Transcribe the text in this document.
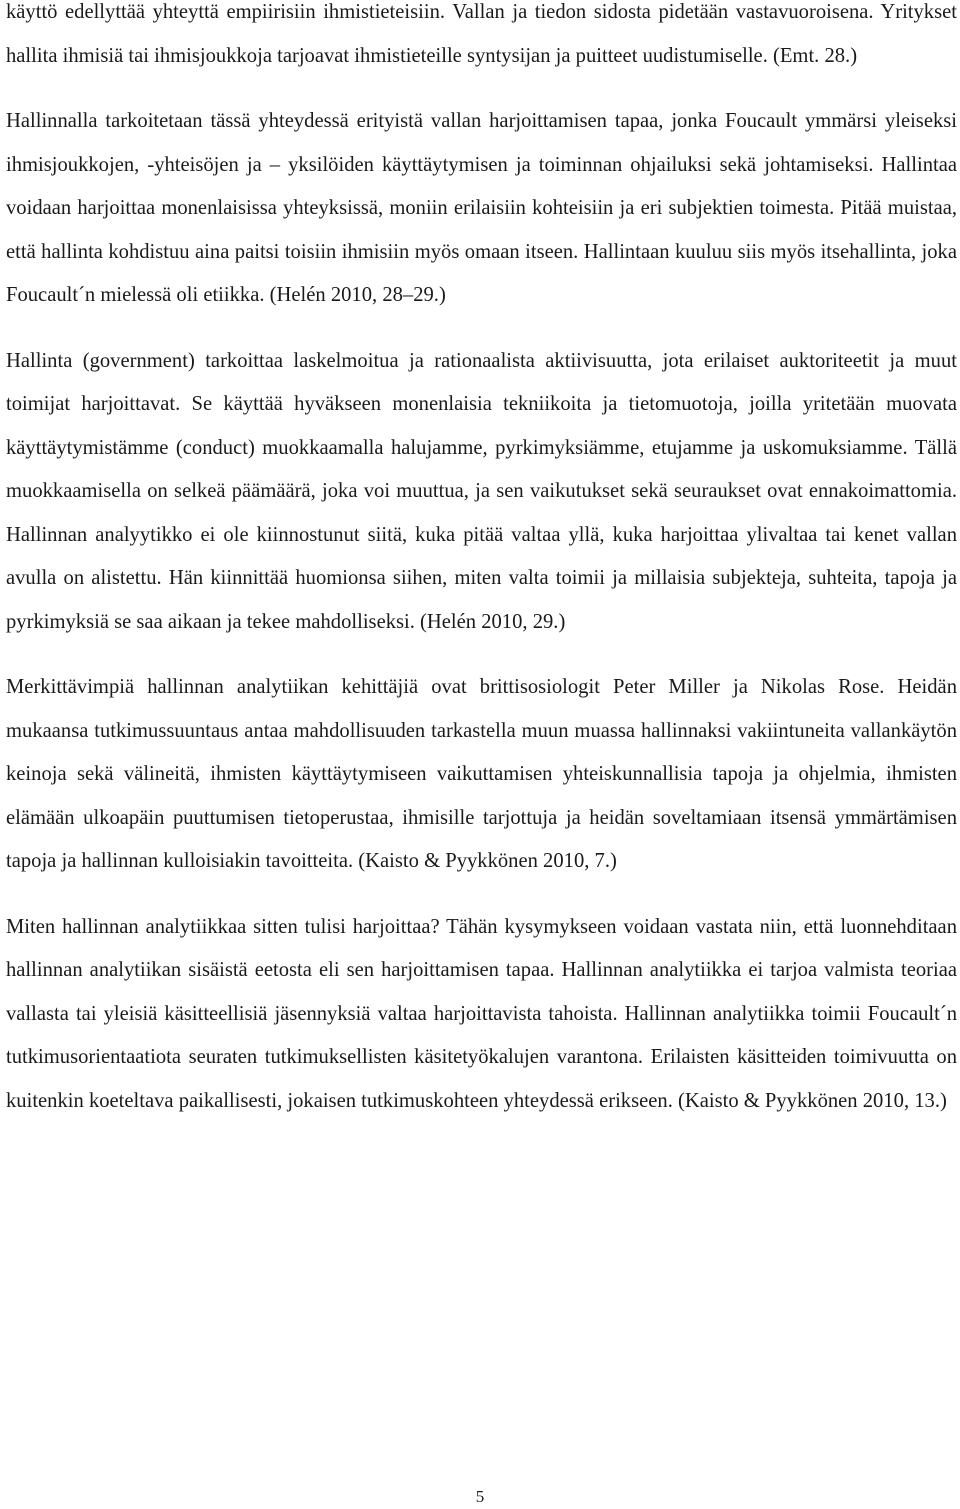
käyttö edellyttää yhteyttä empiirisiin ihmistieteisiin. Vallan ja tiedon sidosta pidetään vastavuoroisena. Yritykset hallita ihmisiä tai ihmisjoukkoja tarjoavat ihmistieteille syntysijan ja puitteet uudistumiselle. (Emt. 28.)

Hallinnalla tarkoitetaan tässä yhteydessä erityistä vallan harjoittamisen tapaa, jonka Foucault ymmärsi yleiseksi ihmisjoukkojen, -yhteisöjen ja – yksilöiden käyttäytymisen ja toiminnan ohjailuksi sekä johtamiseksi. Hallintaa voidaan harjoittaa monenlaisissa yhteyksissä, moniin erilaisiin kohteisiin ja eri subjektien toimesta. Pitää muistaa, että hallinta kohdistuu aina paitsi toisiin ihmisiin myös omaan itseen. Hallintaan kuuluu siis myös itsehallinta, joka Foucault´n mielessä oli etiikka. (Helén 2010, 28–29.)

Hallinta (government) tarkoittaa laskelmoitua ja rationaalista aktiivisuutta, jota erilaiset auktoriteetit ja muut toimijat harjoittavat. Se käyttää hyväkseen monenlaisia tekniikoita ja tietomuotoja, joilla yritetään muovata käyttäytymistämme (conduct) muokkaamalla halujamme, pyrkimyksiämme, etujamme ja uskomuksiamme. Tällä muokkaamisella on selkeä päämäärä, joka voi muuttua, ja sen vaikutukset sekä seuraukset ovat ennakoimattomia. Hallinnan analyytikko ei ole kiinnostunut siitä, kuka pitää valtaa yllä, kuka harjoittaa ylivaltaa tai kenet vallan avulla on alistettu. Hän kiinnittää huomionsa siihen, miten valta toimii ja millaisia subjekteja, suhteita, tapoja ja pyrkimyksiä se saa aikaan ja tekee mahdolliseksi. (Helén 2010, 29.)

Merkittävimpiä hallinnan analytiikan kehittäjiä ovat brittisosiologit Peter Miller ja Nikolas Rose. Heidän mukaansa tutkimussuuntaus antaa mahdollisuuden tarkastella muun muassa hallinnaksi vakiintuneita vallankäytön keinoja sekä välineitä, ihmisten käyttäytymiseen vaikuttamisen yhteiskunnallisia tapoja ja ohjelmia, ihmisten elämään ulkoapäin puuttumisen tietoperustaa, ihmisille tarjottuja ja heidän soveltamiaan itsensä ymmärtämisen tapoja ja hallinnan kulloisiakin tavoitteita. (Kaisto & Pyykkönen 2010, 7.)

Miten hallinnan analytiikkaa sitten tulisi harjoittaa? Tähän kysymykseen voidaan vastata niin, että luonnehditaan hallinnan analytiikan sisäistä eetosta eli sen harjoittamisen tapaa. Hallinnan analytiikka ei tarjoa valmista teoriaa vallasta tai yleisiä käsitteellisiä jäsennyksiä valtaa harjoittavista tahoista. Hallinnan analytiikka toimii Foucault´n tutkimusorientaatiota seuraten tutkimuksellisten käsitetyökalujen varantona. Erilaisten käsitteiden toimivuutta on kuitenkin koeteltava paikallisesti, jokaisen tutkimuskohteen yhteydessä erikseen. (Kaisto & Pyykkönen 2010, 13.)

5
